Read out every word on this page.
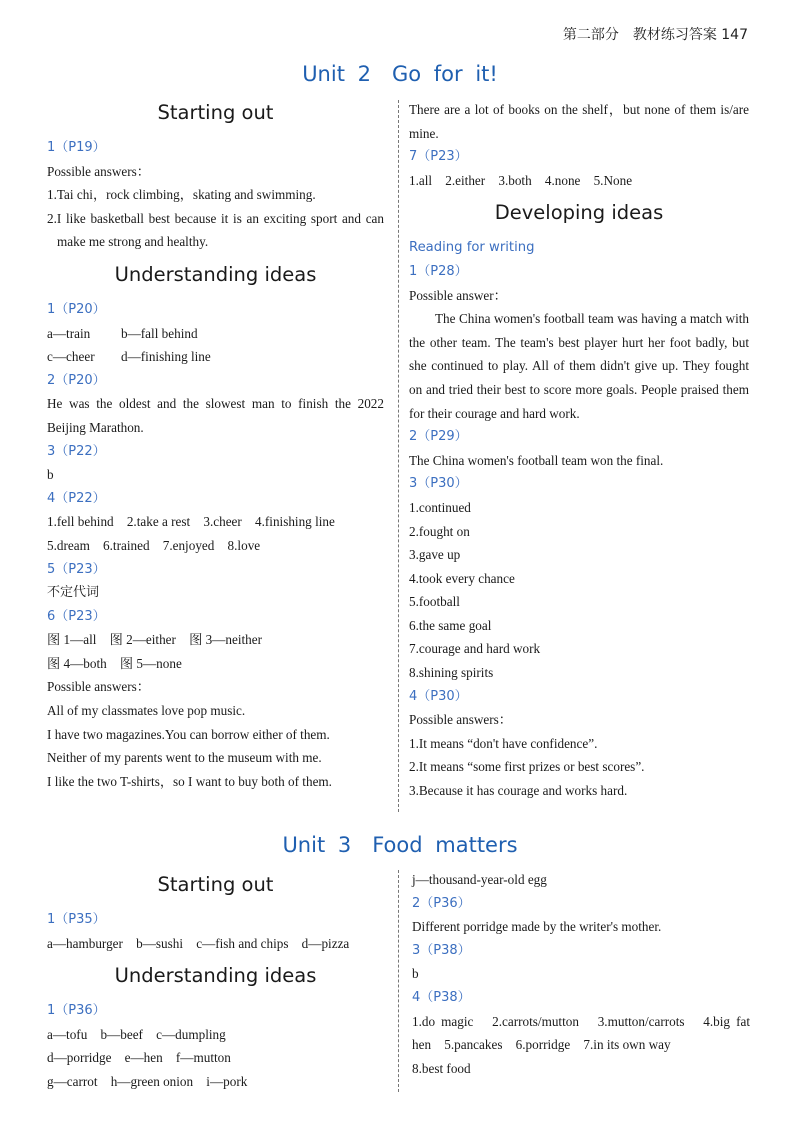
第二部分　教材练习答案 147
Unit 2　Go for it!

Starting out

1（P19）

Possible answers：

1.Tai chi，rock climbing，skating and swimming.

2.I like basketball best because it is an exciting sport and can make me strong and healthy.

Understanding ideas

1（P20）

a—train b—fall behind

c—cheer d—finishing line

2（P20）

He was the oldest and the slowest man to finish the 2022 Beijing Marathon.

3（P22）

b

4（P22）

1.fell behind　2.take a rest　3.cheer　4.finishing line

5.dream　6.trained　7.enjoyed　8.love

5（P23）

不定代词

6（P23）

图 1—all　图 2—either　图 3—neither

图 4—both　图 5—none

Possible answers：

All of my classmates love pop music.

I have two magazines.You can borrow either of them.

Neither of my parents went to the museum with me.

I like the two T-shirts，so I want to buy both of them.

There are a lot of books on the shelf，but none of them is/are mine.

7（P23）

1.all　2.either　3.both　4.none　5.None

Developing ideas

Reading for writing

1（P28）

Possible answer：

The China women's football team was having a match with the other team. The team's best player hurt her foot badly, but she continued to play. All of them didn't give up. They fought on and tried their best to score more goals. People praised them for their courage and hard work.

2（P29）

The China women's football team won the final.

3（P30）

1.continued

2.fought on

3.gave up

4.took every chance

5.football

6.the same goal

7.courage and hard work

8.shining spirits

4（P30）

Possible answers：

1.It means “don't have confidence”.

2.It means “some first prizes or best scores”.

3.Because it has courage and works hard.

Unit 3　Food matters

Starting out

1（P35）

a—hamburger　b—sushi　c—fish and chips　d—pizza

Understanding ideas

1（P36）

a—tofu　b—beef　c—dumpling

d—porridge　e—hen　f—mutton

g—carrot　h—green onion　i—pork

j—thousand-year-old egg

2（P36）

Different porridge made by the writer's mother.

3（P38）

b

4（P38）

1.do magic　2.carrots/mutton　3.mutton/carrots　4.big fat hen　5.pancakes　6.porridge　7.in its own way

8.best food
